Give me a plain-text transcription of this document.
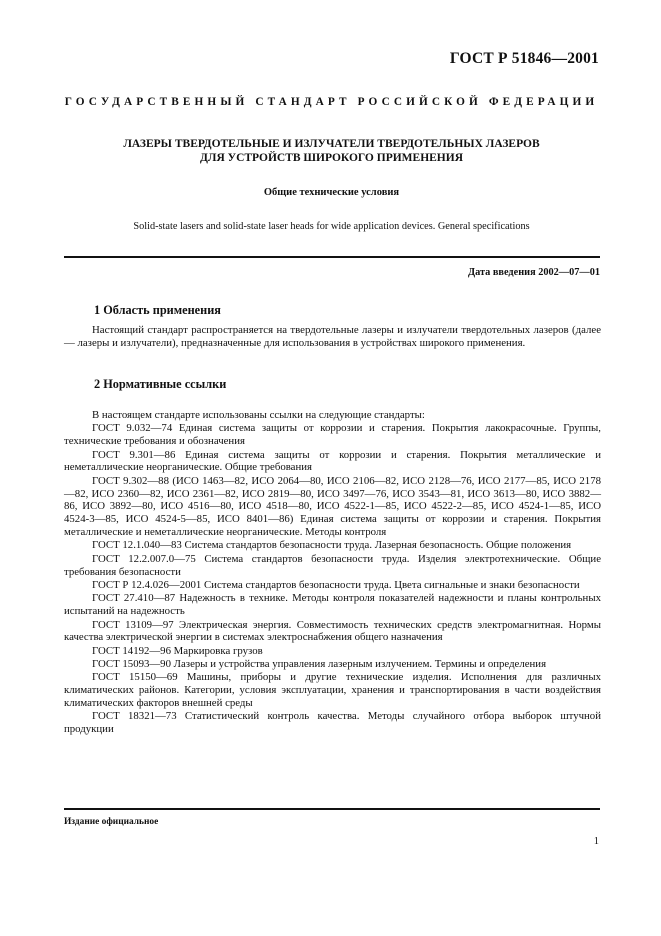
ГОСТ Р 51846—2001
ГОСУДАРСТВЕННЫЙ СТАНДАРТ РОССИЙСКОЙ ФЕДЕРАЦИИ
ЛАЗЕРЫ ТВЕРДОТЕЛЬНЫЕ И ИЗЛУЧАТЕЛИ ТВЕРДОТЕЛЬНЫХ ЛАЗЕРОВ
ДЛЯ УСТРОЙСТВ ШИРОКОГО ПРИМЕНЕНИЯ
Общие технические условия
Solid-state lasers and solid-state laser heads for wide application devices. General specifications
Дата введения 2002—07—01
1 Область применения

Настоящий стандарт распространяется на твердотельные лазеры и излучатели твердотельных лазеров (далее — лазеры и излучатели), предназначенные для использования в устройствах широкого применения.

2 Нормативные ссылки

В настоящем стандарте использованы ссылки на следующие стандарты:

ГОСТ 9.032—74 Единая система защиты от коррозии и старения. Покрытия лакокрасочные. Группы, технические требования и обозначения

ГОСТ 9.301—86 Единая система защиты от коррозии и старения. Покрытия металлические и неметаллические неорганические. Общие требования

ГОСТ 9.302—88 (ИСО 1463—82, ИСО 2064—80, ИСО 2106—82, ИСО 2128—76, ИСО 2177—85, ИСО 2178—82, ИСО 2360—82, ИСО 2361—82, ИСО 2819—80, ИСО 3497—76, ИСО 3543—81, ИСО 3613—80, ИСО 3882—86, ИСО 3892—80, ИСО 4516—80, ИСО 4518—80, ИСО 4522-1—85, ИСО 4522-2—85, ИСО 4524-1—85, ИСО 4524-3—85, ИСО 4524-5—85, ИСО 8401—86) Единая система защиты от коррозии и старения. Покрытия металлические и неметаллические неорганические. Методы контроля

ГОСТ 12.1.040—83 Система стандартов безопасности труда. Лазерная безопасность. Общие положения

ГОСТ 12.2.007.0—75 Система стандартов безопасности труда. Изделия электротехнические. Общие требования безопасности

ГОСТ Р 12.4.026—2001 Система стандартов безопасности труда. Цвета сигнальные и знаки безопасности

ГОСТ 27.410—87 Надежность в технике. Методы контроля показателей надежности и планы контрольных испытаний на надежность

ГОСТ 13109—97 Электрическая энергия. Совместимость технических средств электромагнитная. Нормы качества электрической энергии в системах электроснабжения общего назначения

ГОСТ 14192—96 Маркировка грузов

ГОСТ 15093—90 Лазеры и устройства управления лазерным излучением. Термины и определения

ГОСТ 15150—69 Машины, приборы и другие технические изделия. Исполнения для различных климатических районов. Категории, условия эксплуатации, хранения и транспортирования в части воздействия климатических факторов внешней среды

ГОСТ 18321—73 Статистический контроль качества. Методы случайного отбора выборок штучной продукции

Издание официальное
1
